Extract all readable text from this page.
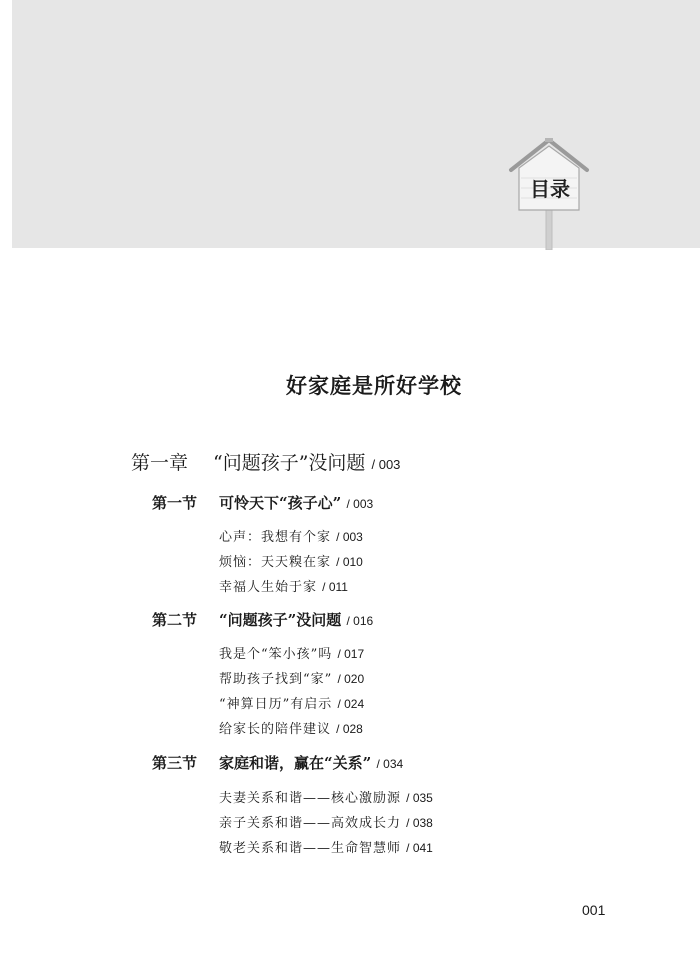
目录
好家庭是所好学校
第一章 “问题孩子”没问题 / 003
第一节 可怜天下“孩子心” / 003
心声：我想有个家 / 003
烦恼：天天糗在家 / 010
幸福人生始于家 / 011
第二节 “问题孩子”没问题 / 016
我是个“笨小孩”吗 / 017
帮助孩子找到“家” / 020
“神算日历”有启示 / 024
给家长的陪伴建议 / 028
第三节 家庭和谐，赢在“关系” / 034
夫妻关系和谐——核心激励源 / 035
亲子关系和谐——高效成长力 / 038
敬老关系和谐——生命智慧师 / 041
001
